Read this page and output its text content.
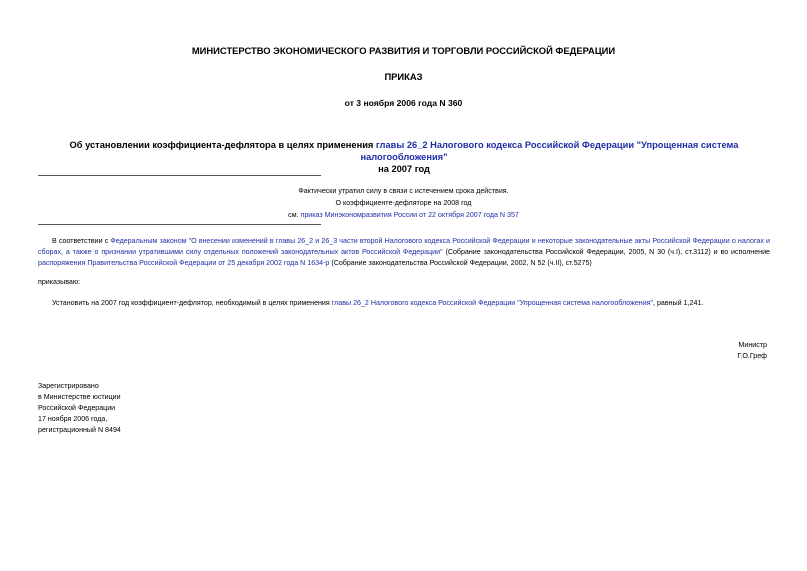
МИНИСТЕРСТВО ЭКОНОМИЧЕСКОГО РАЗВИТИЯ И ТОРГОВЛИ РОССИЙСКОЙ ФЕДЕРАЦИИ
ПРИКАЗ
от 3 ноября 2006 года N 360
Об установлении коэффициента-дефлятора в целях применения главы 26_2 Налогового кодекса Российской Федерации "Упрощенная система налогообложения"
на 2007 год
Фактически утратил силу в связи с истечением срока действия.
О коэффициенте-дефляторе на 2008 год
см. приказ Минэкономразвития России от 22 октября 2007 года N 357
В соответствии с Федеральным законом "О внесении изменений в главы 26_2 и 26_3 части второй Налогового кодекса Российской Федерации и некоторые законодательные акты Российской Федерации о налогах и сборах, а также о признании утратившими силу отдельных положений законодательных актов Российской Федерации" (Собрание законодательства Российской Федерации, 2005, N 30 (ч.I), ст.3112) и во исполнение распоряжения Правительства Российской Федерации от 25 декабря 2002 года N 1634-р (Собрание законодательства Российской Федерации, 2002, N 52 (ч.II), ст.5275)
приказываю:
Установить на 2007 год коэффициент-дефлятор, необходимый в целях применения главы 26_2 Налогового кодекса Российской Федерации "Упрощенная система налогообложения", равный 1,241.
Министр
Г.О.Греф
Зарегистрировано
в Министерстве юстиции
Российской Федерации
17 ноября 2006 года,
регистрационный N 8494
